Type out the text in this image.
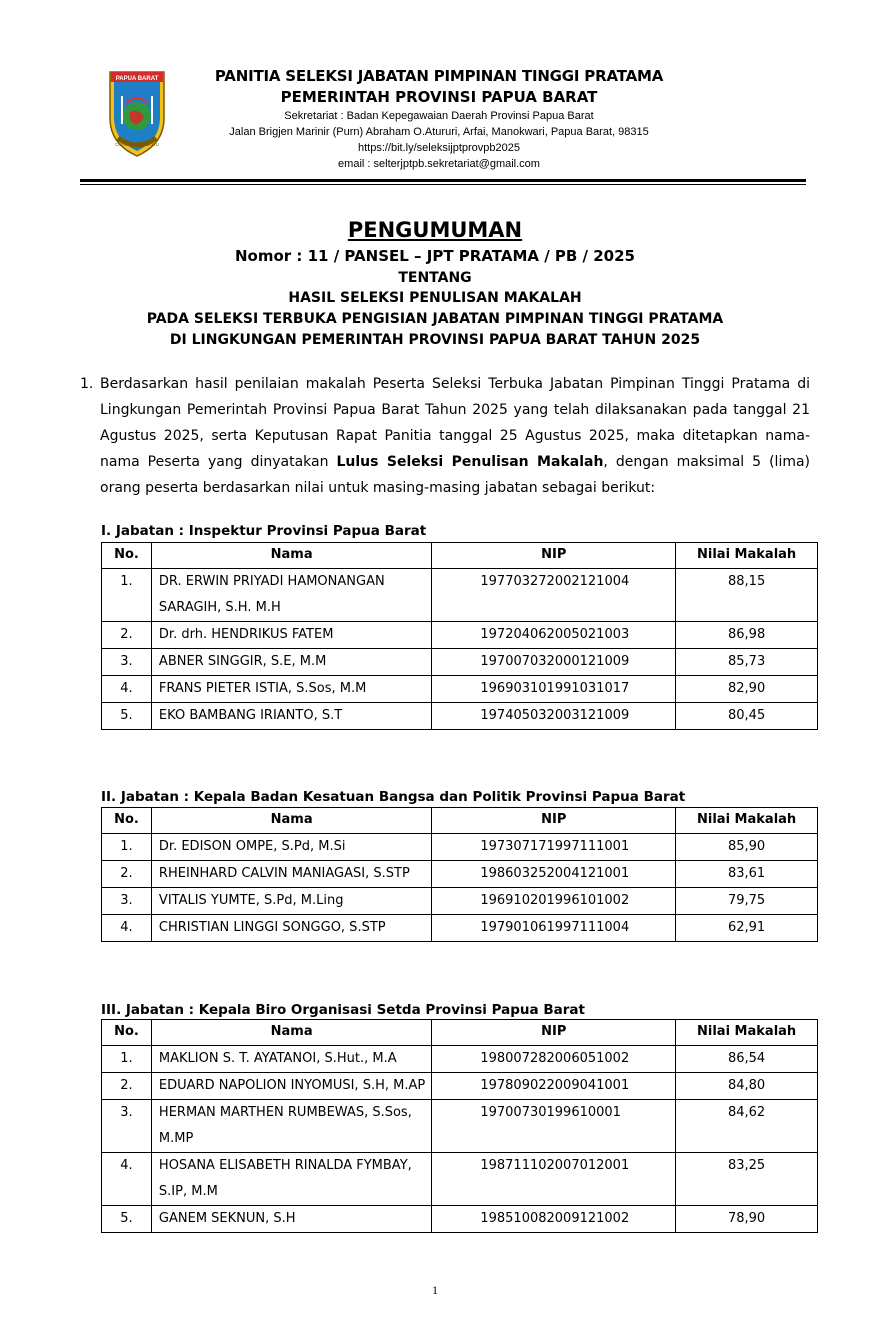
PAPUA BARAT
CINTAKU NEGERIKU
PANITIA SELEKSI JABATAN PIMPINAN TINGGI PRATAMA
PEMERINTAH PROVINSI PAPUA BARAT
Sekretariat : Badan Kepegawaian Daerah Provinsi Papua Barat
Jalan Brigjen Marinir (Purn) Abraham O.Atururi, Arfai, Manokwari, Papua Barat, 98315
https://bit.ly/seleksijptprovpb2025
email : selterjptpb.sekretariat@gmail.com
PENGUMUMAN
Nomor : 11 / PANSEL – JPT PRATAMA / PB / 2025
TENTANG
HASIL SELEKSI PENULISAN MAKALAH
PADA SELEKSI TERBUKA PENGISIAN JABATAN PIMPINAN TINGGI PRATAMA
DI LINGKUNGAN PEMERINTAH PROVINSI PAPUA BARAT TAHUN 2025
1. Berdasarkan hasil penilaian makalah Peserta Seleksi Terbuka Jabatan Pimpinan Tinggi Pratama di Lingkungan Pemerintah Provinsi Papua Barat Tahun 2025 yang telah dilaksanakan pada tanggal 21 Agustus 2025, serta Keputusan Rapat Panitia tanggal 25 Agustus 2025, maka ditetapkan nama-nama Peserta yang dinyatakan Lulus Seleksi Penulisan Makalah, dengan maksimal 5 (lima) orang peserta berdasarkan nilai untuk masing-masing jabatan sebagai berikut:
I. Jabatan : Inspektur Provinsi Papua Barat
No.	Nama	NIP	Nilai Makalah
1.	DR. ERWIN PRIYADI HAMONANGAN SARAGIH, S.H. M.H	197703272002121004	88,15
2.	Dr. drh. HENDRIKUS FATEM	197204062005021003	86,98
3.	ABNER SINGGIR, S.E, M.M	197007032000121009	85,73
4.	FRANS PIETER ISTIA, S.Sos, M.M	196903101991031017	82,90
5.	EKO BAMBANG IRIANTO, S.T	197405032003121009	80,45
II. Jabatan : Kepala Badan Kesatuan Bangsa dan Politik Provinsi Papua Barat
No.	Nama	NIP	Nilai Makalah
1.	Dr. EDISON OMPE, S.Pd, M.Si	197307171997111001	85,90
2.	RHEINHARD CALVIN MANIAGASI, S.STP	198603252004121001	83,61
3.	VITALIS YUMTE, S.Pd, M.Ling	196910201996101002	79,75
4.	CHRISTIAN LINGGI SONGGO, S.STP	197901061997111004	62,91
III. Jabatan : Kepala Biro Organisasi Setda Provinsi Papua Barat
No.	Nama	NIP	Nilai Makalah
1.	MAKLION S. T. AYATANOI, S.Hut., M.A	198007282006051002	86,54
2.	EDUARD NAPOLION INYOMUSI, S.H, M.AP	197809022009041001	84,80
3.	HERMAN MARTHEN RUMBEWAS, S.Sos, M.MP	19700730199610001	84,62
4.	HOSANA ELISABETH RINALDA FYMBAY, S.IP, M.M	198711102007012001	83,25
5.	GANEM SEKNUN, S.H	198510082009121002	78,90
1
